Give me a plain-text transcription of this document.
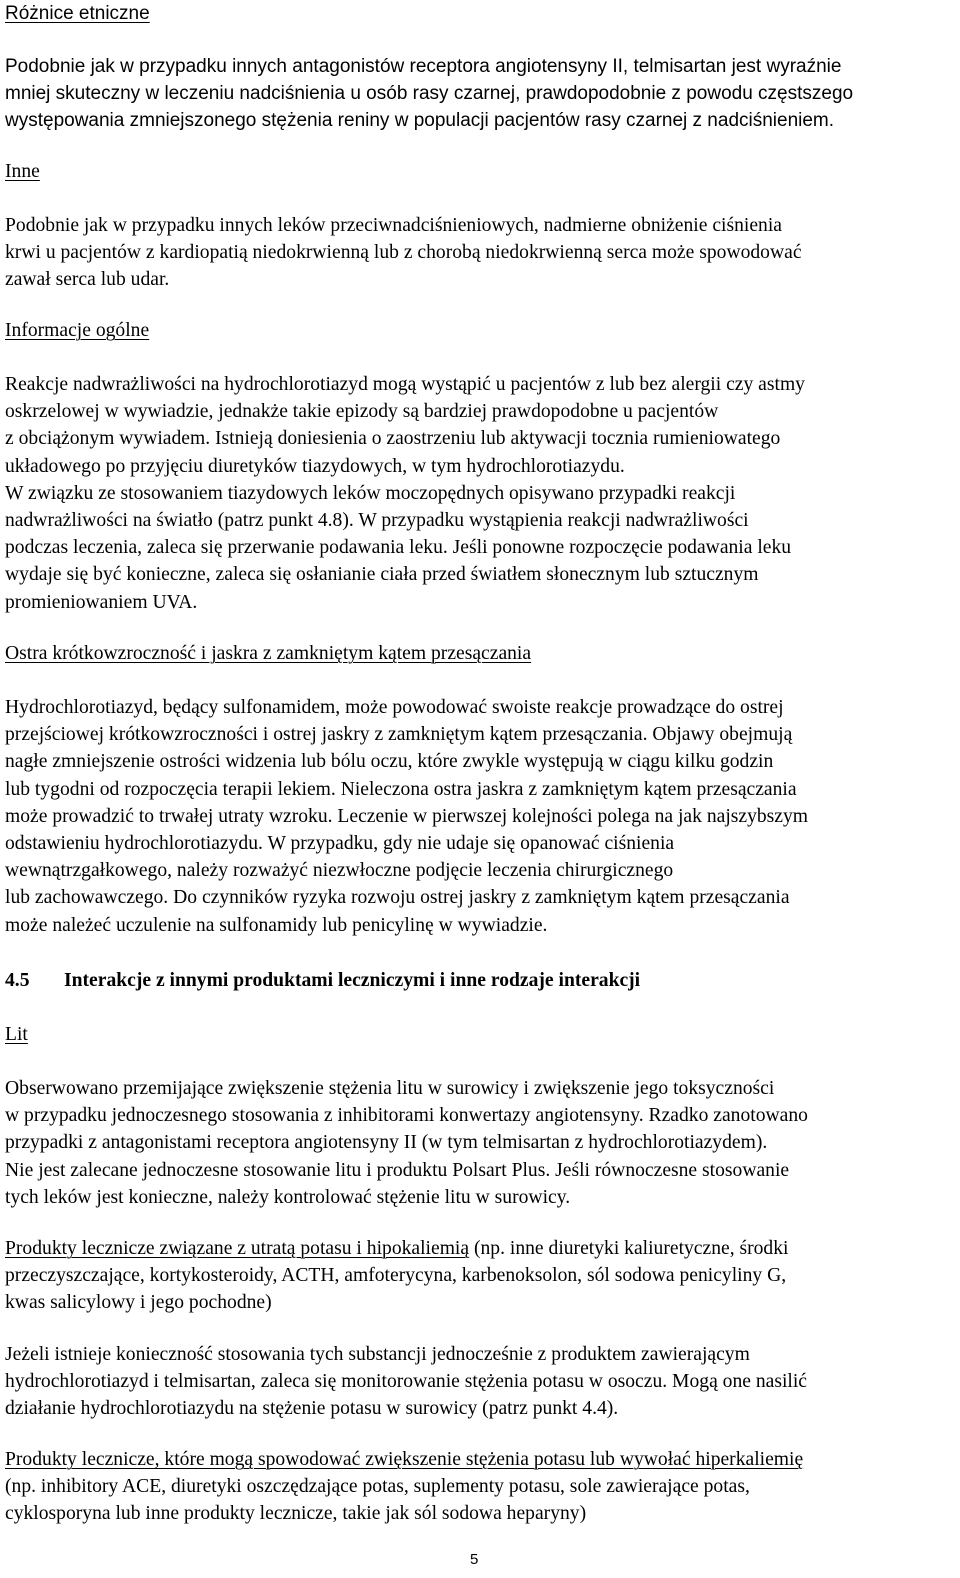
Różnice etniczne
Podobnie jak w przypadku innych antagonistów receptora angiotensyny II, telmisartan jest wyraźnie
mniej skuteczny w leczeniu nadciśnienia u osób rasy czarnej, prawdopodobnie z powodu częstszego
występowania zmniejszonego stężenia reniny w populacji pacjentów rasy czarnej z nadciśnieniem.
Inne
Podobnie jak w przypadku innych leków przeciwnadciśnieniowych, nadmierne obniżenie ciśnienia
krwi u pacjentów z kardiopatią niedokrwienną lub z chorobą niedokrwienną serca może spowodować
zawał serca lub udar.
Informacje ogólne
Reakcje nadwrażliwości na hydrochlorotiazyd mogą wystąpić u pacjentów z lub bez alergii czy astmy
oskrzelowej w wywiadzie, jednakże takie epizody są bardziej prawdopodobne u pacjentów
z obciążonym wywiadem. Istnieją doniesienia o zaostrzeniu lub aktywacji tocznia rumieniowatego
układowego po przyjęciu diuretyków tiazydowych, w tym hydrochlorotiazydu.
W związku ze stosowaniem tiazydowych leków moczopędnych opisywano przypadki reakcji
nadwrażliwości na światło (patrz punkt 4.8). W przypadku wystąpienia reakcji nadwrażliwości
podczas leczenia, zaleca się przerwanie podawania leku. Jeśli ponowne rozpoczęcie podawania leku
wydaje się być konieczne, zaleca się osłanianie ciała przed światłem słonecznym lub sztucznym
promieniowaniem UVA.
Ostra krótkowzroczność i jaskra z zamkniętym kątem przesączania
Hydrochlorotiazyd, będący sulfonamidem, może powodować swoiste reakcje prowadzące do ostrej
przejściowej krótkowzroczności i ostrej jaskry z zamkniętym kątem przesączania. Objawy obejmują
nagłe zmniejszenie ostrości widzenia lub bólu oczu, które zwykle występują w ciągu kilku godzin
lub tygodni od rozpoczęcia terapii lekiem. Nieleczona ostra jaskra z zamkniętym kątem przesączania
może prowadzić to trwałej utraty wzroku. Leczenie w pierwszej kolejności polega na jak najszybszym
odstawieniu hydrochlorotiazydu. W przypadku, gdy nie udaje się opanować ciśnienia
wewnątrzgałkowego, należy rozważyć niezwłoczne podjęcie leczenia chirurgicznego
lub zachowawczego. Do czynników ryzyka rozwoju ostrej jaskry z zamkniętym kątem przesączania
może należeć uczulenie na sulfonamidy lub penicylinę w wywiadzie.
4.5 Interakcje z innymi produktami leczniczymi i inne rodzaje interakcji
Lit
Obserwowano przemijające zwiększenie stężenia litu w surowicy i zwiększenie jego toksyczności
w przypadku jednoczesnego stosowania z inhibitorami konwertazy angiotensyny. Rzadko zanotowano
przypadki z antagonistami receptora angiotensyny II (w tym telmisartan z hydrochlorotiazydem).
Nie jest zalecane jednoczesne stosowanie litu i produktu Polsart Plus. Jeśli równoczesne stosowanie
tych leków jest konieczne, należy kontrolować stężenie litu w surowicy.
Produkty lecznicze związane z utratą potasu i hipokaliemią (np. inne diuretyki kaliuretyczne, środki
przeczyszczające, kortykosteroidy, ACTH, amfoterycyna, karbenoksolon, sól sodowa penicyliny G,
kwas salicylowy i jego pochodne)
Jeżeli istnieje konieczność stosowania tych substancji jednocześnie z produktem zawierającym
hydrochlorotiazyd i telmisartan, zaleca się monitorowanie stężenia potasu w osoczu. Mogą one nasilić
działanie hydrochlorotiazydu na stężenie potasu w surowicy (patrz punkt 4.4).
Produkty lecznicze, które mogą spowodować zwiększenie stężenia potasu lub wywołać hiperkaliemię
(np. inhibitory ACE, diuretyki oszczędzające potas, suplementy potasu, sole zawierające potas,
cyklosporyna lub inne produkty lecznicze, takie jak sól sodowa heparyny)
5
